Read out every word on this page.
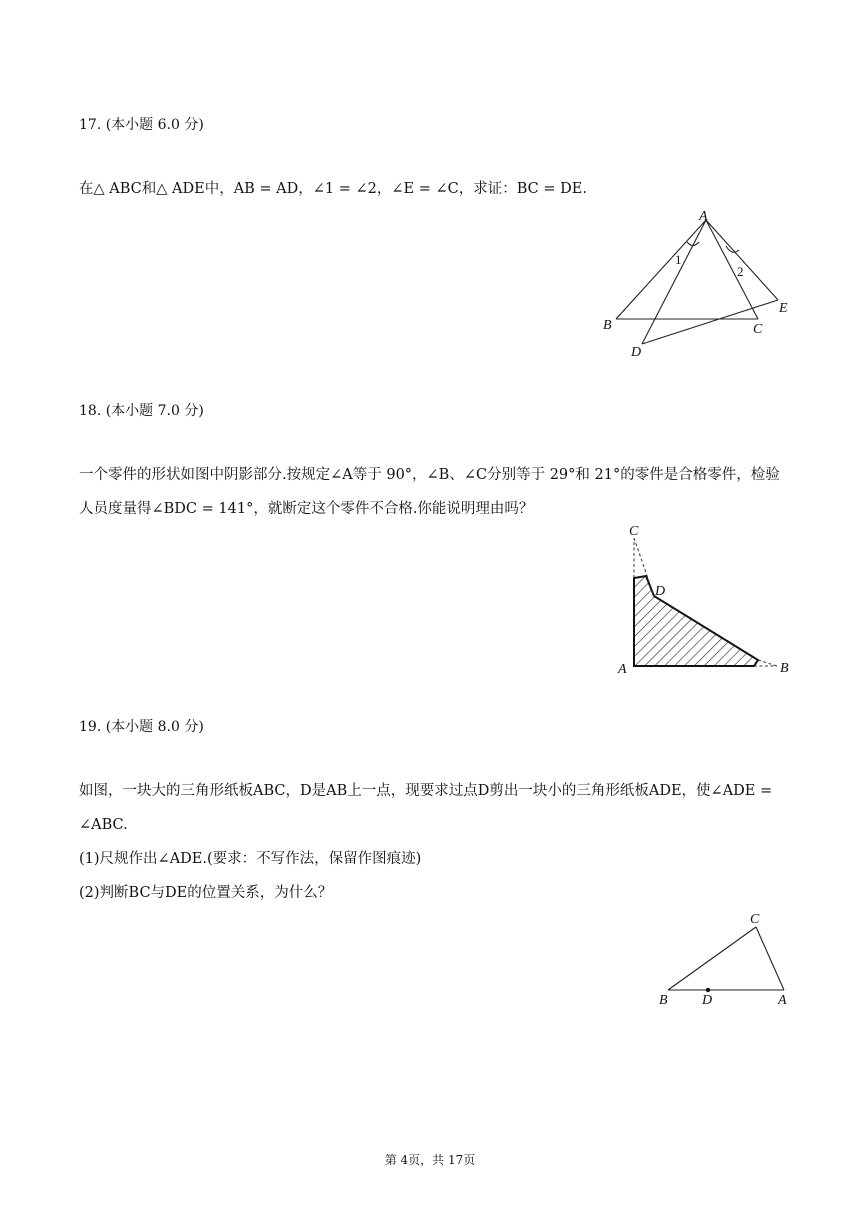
17. (本小题 6.0 分)
在△ ABC和△ ADE中，AB = AD，∠1 = ∠2，∠E = ∠C，求证：BC = DE.
A
B	C
D
E
1
2
18. (本小题 7.0 分)
一个零件的形状如图中阴影部分.按规定∠A等于 90°，∠B、∠C分别等于 29°和 21°的零件是合格零件，检验
人员度量得∠BDC = 141°，就断定这个零件不合格.你能说明理由吗？
C
D
A	B
19. (本小题 8.0 分)
如图，一块大的三角形纸板ABC，D是AB上一点，现要求过点D剪出一块小的三角形纸板ADE，使∠ADE =
∠ABC.
(1)尺规作出∠ADE.(要求：不写作法，保留作图痕迹)
(2)判断BC与DE的位置关系，为什么？
C
B D	A
第 4页，共 17页
